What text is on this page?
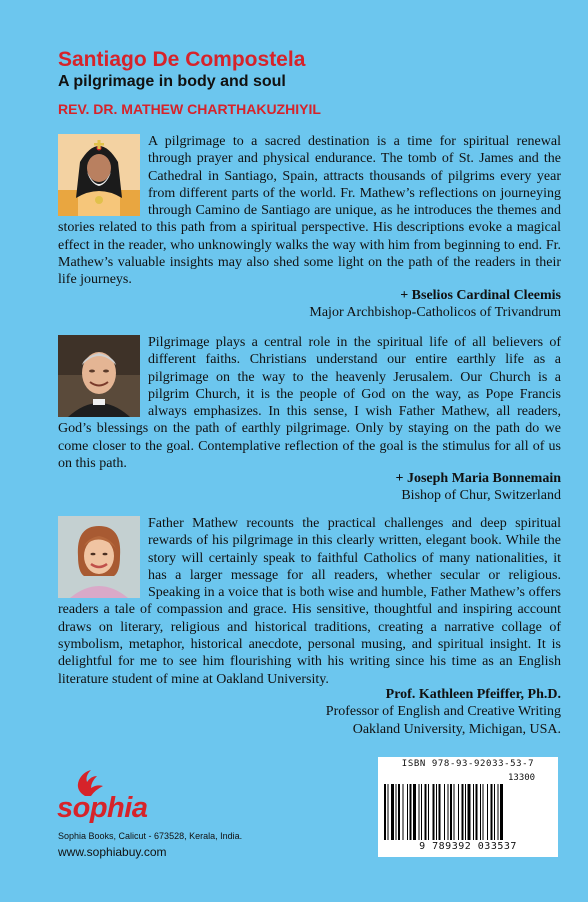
Santiago De Compostela
A pilgrimage in body and soul
REV. DR. MATHEW CHARTHAKUZHIYIL

A pilgrimage to a sacred destination is a time for spiritual renewal through prayer and physical endurance. The tomb of St. James and the Cathedral in Santiago, Spain, attracts thousands of pilgrims every year from different parts of the world. Fr. Mathew’s reflections on journeying through Camino de Santiago are unique, as he introduces the themes and stories related to this path from a spiritual perspective. His descriptions evoke a magical effect in the reader, who unknowingly walks the way with him from beginning to end. Fr. Mathew’s valuable insights may also shed some light on the path of the readers in their life journeys.

+ Bselios Cardinal Cleemis
Major Archbishop-Catholicos of Trivandrum

Pilgrimage plays a central role in the spiritual life of all believers of different faiths. Christians understand our entire earthly life as a pilgrimage on the way to the heavenly Jerusalem. Our Church is a pilgrim Church, it is the people of God on the way, as Pope Francis always emphasizes. In this sense, I wish Father Mathew, all readers, God’s blessings on the path of earthly pilgrimage. Only by staying on the path do we come closer to the goal. Contemplative reflection of the goal is the stimulus for all of us on this path.

+ Joseph Maria Bonnemain
Bishop of Chur, Switzerland

Father Mathew recounts the practical challenges and deep spiritual rewards of his pilgrimage in this clearly written, elegant book. While the story will certainly speak to faithful Catholics of many nationalities, it has a larger message for all readers, whether secular or religious. Speaking in a voice that is both wise and humble, Father Mathew’s offers readers a tale of compassion and grace. His sensitive, thoughtful and inspiring account draws on literary, religious and historical traditions, creating a narrative collage of symbolism, metaphor, historical anecdote, personal musing, and spiritual insight. It is delightful for me to see him flourishing with his writing since his time as an English literature student of mine at Oakland University.

Prof. Kathleen Pfeiffer, Ph.D.
Professor of English and Creative Writing
Oakland University, Michigan, USA.
sophia
Sophia Books, Calicut - 673528, Kerala, India.
www.sophiabuy.com
ISBN 978-93-92033-53-7
13300
9 789392 033537
